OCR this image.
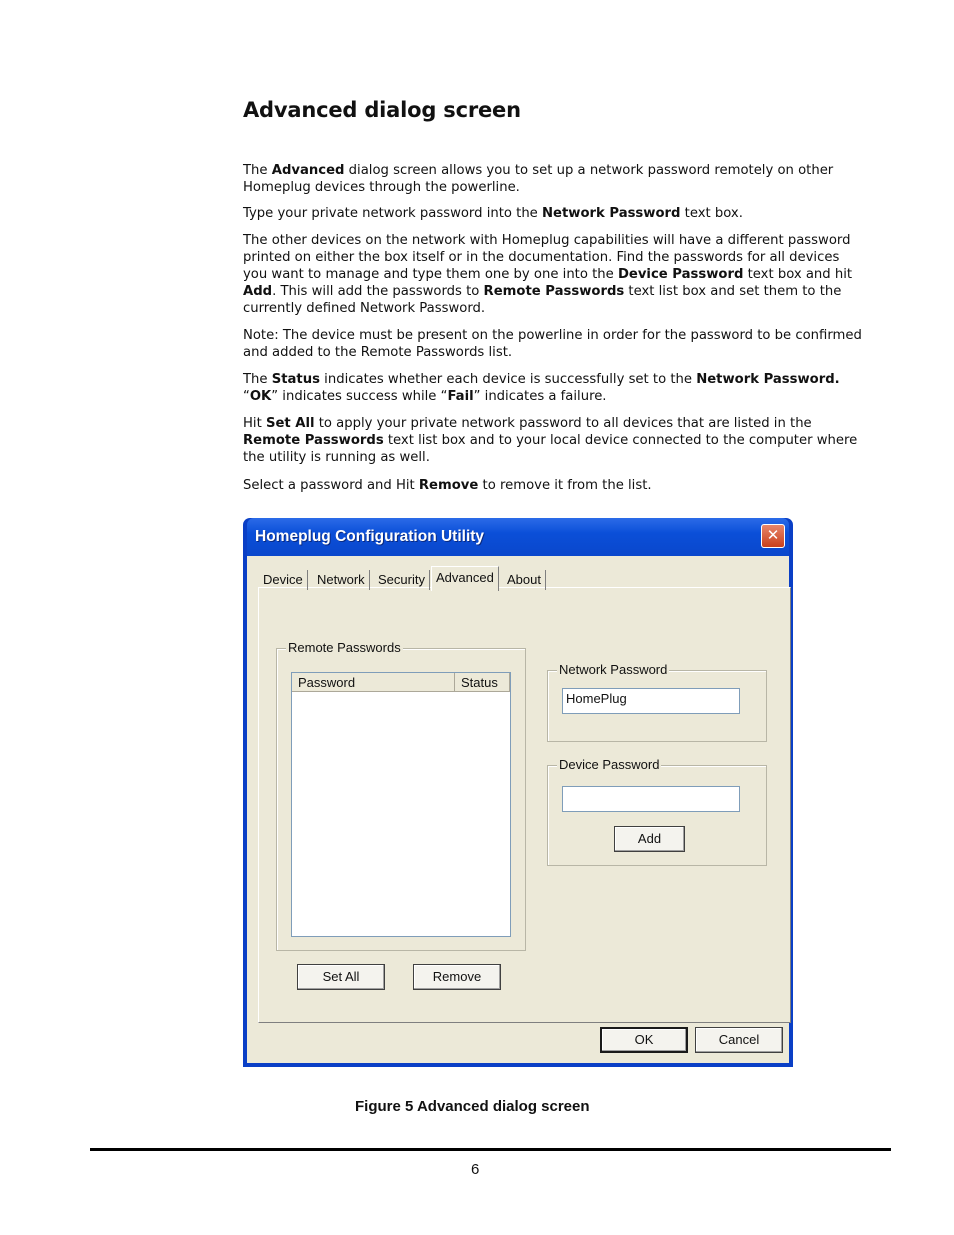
Advanced dialog screen

The Advanced dialog screen allows you to set up a network password remotely on other Homeplug devices through the powerline.

Type your private network password into the Network Password text box.

The other devices on the network with Homeplug capabilities will have a different password printed on either the box itself or in the documentation. Find the passwords for all devices you want to manage and type them one by one into the Device Password text box and hit Add. This will add the passwords to Remote Passwords text list box and set them to the currently defined Network Password.

Note: The device must be present on the powerline in order for the password to be confirmed and added to the Remote Passwords list.

The Status indicates whether each device is successfully set to the Network Password. “OK” indicates success while “Fail” indicates a failure.

Hit Set All to apply your private network password to all devices that are listed in the Remote Passwords text list box and to your local device connected to the computer where the utility is running as well.

Select a password and Hit Remove to remove it from the list.

Homeplug Configuration Utility	✕
Remote Passwords
Password	Status
Network Password
HomePlug
Device Password
Add
Set All	Remove
Device	Network	Security Advanced	About
OK	Cancel
Figure 5 Advanced dialog screen
6
